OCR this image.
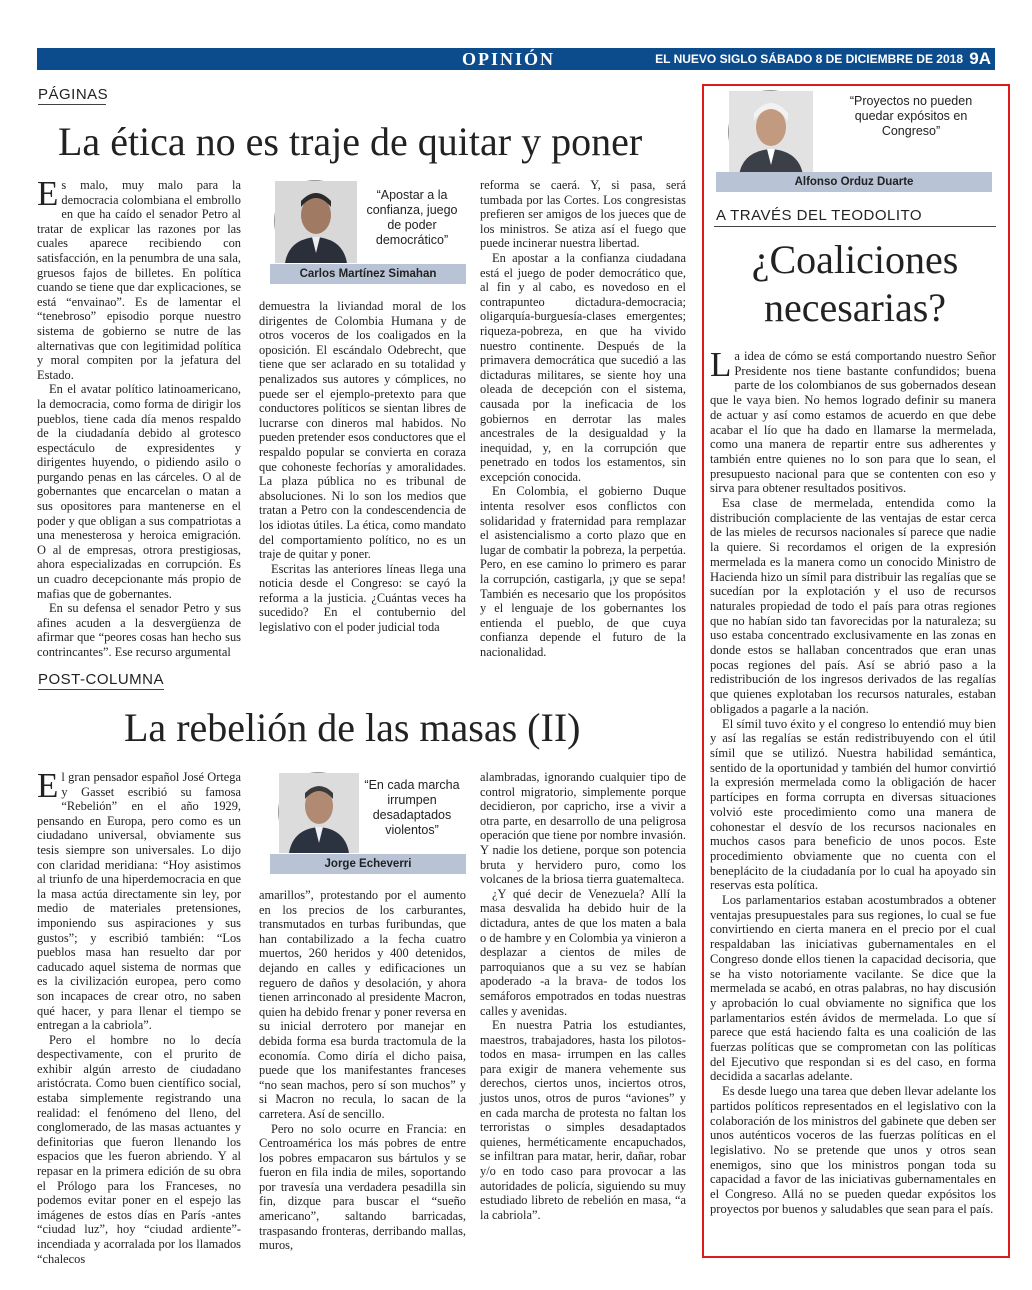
OPINIÓN	EL NUEVO SIGLO SÁBADO 8 DE DICIEMBRE DE 2018 9A
PÁGINAS
La ética no es traje de quitar y poner

Es malo, muy malo para la democracia colombiana el embrollo en que ha caído el senador Petro al tratar de explicar las razones por las cuales aparece recibiendo con satisfacción, en la penumbra de una sala, gruesos fajos de billetes. En política cuando se tiene que dar explicaciones, se está “envainao”. Es de lamentar el “tenebroso” episodio porque nuestro sistema de gobierno se nutre de las alternativas que con legitimidad política y moral compiten por la jefatura del Estado.

En el avatar político latinoamericano, la democracia, como forma de dirigir los pueblos, tiene cada día menos respaldo de la ciudadanía debido al grotesco espectáculo de expresidentes y dirigentes huyendo, o pidiendo asilo o purgando penas en las cárceles. O al de gobernantes que encarcelan o matan a sus opositores para mantenerse en el poder y que obligan a sus compatriotas a una menesterosa y heroica emigración. O al de empresas, otrora prestigiosas, ahora especializadas en corrupción. Es un cuadro decepcionante más propio de mafias que de gobernantes.

En su defensa el senador Petro y sus afines acuden a la desvergüenza de afirmar que “peores cosas han hecho sus contrincantes”. Ese recurso argumental

“Apostar a la confianza, juego de poder democrático”
Carlos Martínez Simahan

demuestra la liviandad moral de los dirigentes de Colombia Humana y de otros voceros de los coaligados en la oposición. El escándalo Odebrecht, que tiene que ser aclarado en su totalidad y penalizados sus autores y cómplices, no puede ser el ejemplo-pretexto para que conductores políticos se sientan libres de lucrarse con dineros mal habidos. No pueden pretender esos conductores que el respaldo popular se convierta en coraza que cohoneste fechorías y amoralidades. La plaza pública no es tribunal de absoluciones. Ni lo son los medios que tratan a Petro con la condescendencia de los idiotas útiles. La ética, como mandato del comportamiento político, no es un traje de quitar y poner.

Escritas las anteriores líneas llega una noticia desde el Congreso: se cayó la reforma a la justicia. ¿Cuántas veces ha sucedido? En el contubernio del legislativo con el poder judicial toda

reforma se caerá. Y, si pasa, será tumbada por las Cortes. Los congresistas prefieren ser amigos de los jueces que de los ministros. Se atiza así el fuego que puede incinerar nuestra libertad.

En apostar a la confianza ciudadana está el juego de poder democrático que, al fin y al cabo, es novedoso en el contrapunteo dictadura-democracia; oligarquía-burguesía-clases emergentes; riqueza-pobreza, en que ha vivido nuestro continente. Después de la primavera democrática que sucedió a las dictaduras militares, se siente hoy una oleada de decepción con el sistema, causada por la ineficacia de los gobiernos en derrotar las males ancestrales de la desigualdad y la inequidad, y, en la corrupción que penetrado en todos los estamentos, sin excepción conocida.

En Colombia, el gobierno Duque intenta resolver esos conflictos con solidaridad y fraternidad para remplazar el asistencialismo a corto plazo que en lugar de combatir la pobreza, la perpetúa. Pero, en ese camino lo primero es parar la corrupción, castigarla, ¡y que se sepa! También es necesario que los propósitos y el lenguaje de los gobernantes los entienda el pueblo, de que cuya confianza depende el futuro de la nacionalidad.

POST-COLUMNA
La rebelión de las masas (II)

El gran pensador español José Ortega y Gasset escribió su famosa “Rebelión” en el año 1929, pensando en Europa, pero como es un ciudadano universal, obviamente sus tesis siempre son universales. Lo dijo con claridad meridiana: “Hoy asistimos al triunfo de una hiperdemocracia en que la masa actúa directamente sin ley, por medio de materiales pretensiones, imponiendo sus aspiraciones y sus gustos”; y escribió también: “Los pueblos masa han resuelto dar por caducado aquel sistema de normas que es la civilización europea, pero como son incapaces de crear otro, no saben qué hacer, y para llenar el tiempo se entregan a la cabriola”.

Pero el hombre no lo decía despectivamente, con el prurito de exhibir algún arresto de ciudadano aristócrata. Como buen científico social, estaba simplemente registrando una realidad: el fenómeno del lleno, del conglomerado, de las masas actuantes y definitorias que fueron llenando los espacios que les fueron abriendo. Y al repasar en la primera edición de su obra el Prólogo para los Franceses, no podemos evitar poner en el espejo las imágenes de estos días en París -antes “ciudad luz”, hoy “ciudad ardiente”- incendiada y acorralada por los llamados “chalecos

“En cada marcha irrumpen desadaptados violentos”
Jorge Echeverri

amarillos”, protestando por el aumento en los precios de los carburantes, transmutados en turbas furibundas, que han contabilizado a la fecha cuatro muertos, 260 heridos y 400 detenidos, dejando en calles y edificaciones un reguero de daños y desolación, y ahora tienen arrinconado al presidente Macron, quien ha debido frenar y poner reversa en su inicial derrotero por manejar en debida forma esa burda tractomula de la economía. Como diría el dicho paisa, puede que los manifestantes franceses “no sean machos, pero sí son muchos” y si Macron no recula, lo sacan de la carretera. Así de sencillo.

Pero no solo ocurre en Francia: en Centroamérica los más pobres de entre los pobres empacaron sus bártulos y se fueron en fila india de miles, soportando por travesía una verdadera pesadilla sin fin, dizque para buscar el “sueño americano”, saltando barricadas, traspasando fronteras, derribando mallas, muros,

alambradas, ignorando cualquier tipo de control migratorio, simplemente porque decidieron, por capricho, irse a vivir a otra parte, en desarrollo de una peligrosa operación que tiene por nombre invasión. Y nadie los detiene, porque son potencia bruta y hervidero puro, como los volcanes de la briosa tierra guatemalteca.

¿Y qué decir de Venezuela? Allí la masa desvalida ha debido huir de la dictadura, antes de que los maten a bala o de hambre y en Colombia ya vinieron a desplazar a cientos de miles de parroquianos que a su vez se habían apoderado -a la brava- de todos los semáforos empotrados en todas nuestras calles y avenidas.

En nuestra Patria los estudiantes, maestros, trabajadores, hasta los pilotos- todos en masa- irrumpen en las calles para exigir de manera vehemente sus derechos, ciertos unos, inciertos otros, justos unos, otros de puros “aviones” y en cada marcha de protesta no faltan los terroristas o simples desadaptados quienes, herméticamente encapuchados, se infiltran para matar, herir, dañar, robar y/o en todo caso para provocar a las autoridades de policía, siguiendo su muy estudiado libreto de rebelión en masa, “a la cabriola”.

“Proyectos no pueden quedar expósitos en Congreso”
Alfonso Orduz Duarte
A TRAVÉS DEL TEODOLITO
¿Coaliciones
necesarias?

La idea de cómo se está comportando nuestro Señor Presidente nos tiene bastante confundidos; buena parte de los colombianos de sus gobernados desean que le vaya bien. No hemos logrado definir su manera de actuar y así como estamos de acuerdo en que debe acabar el lío que ha dado en llamarse la mermelada, como una manera de repartir entre sus adherentes y también entre quienes no lo son para que lo sean, el presupuesto nacional para que se contenten con eso y sirva para obtener resultados positivos.

Esa clase de mermelada, entendida como la distribución complaciente de las ventajas de estar cerca de las mieles de recursos nacionales sí parece que nadie la quiere. Si recordamos el origen de la expresión mermelada es la manera como un conocido Ministro de Hacienda hizo un símil para distribuir las regalías que se sucedían por la explotación y el uso de recursos naturales propiedad de todo el país para otras regiones que no habían sido tan favorecidas por la naturaleza; su uso estaba concentrado exclusivamente en las zonas en donde estos se hallaban concentrados que eran unas pocas regiones del país. Así se abrió paso a la redistribución de los ingresos derivados de las regalías que quienes explotaban los recursos naturales, estaban obligados a pagarle a la nación.

El símil tuvo éxito y el congreso lo entendió muy bien y así las regalías se están redistribuyendo con el útil símil que se utilizó. Nuestra habilidad semántica, sentido de la oportunidad y también del humor convirtió la expresión mermelada como la obligación de hacer partícipes en forma corrupta en diversas situaciones volvió este procedimiento como una manera de cohonestar el desvío de los recursos nacionales en muchos casos para beneficio de unos pocos. Este procedimiento obviamente que no cuenta con el beneplácito de la ciudadanía por lo cual ha apoyado sin reservas esta política.

Los parlamentarios estaban acostumbrados a obtener ventajas presupuestales para sus regiones, lo cual se fue convirtiendo en cierta manera en el precio por el cual respaldaban las iniciativas gubernamentales en el Congreso donde ellos tienen la capacidad decisoria, que se ha visto notoriamente vacilante. Se dice que la mermelada se acabó, en otras palabras, no hay discusión y aprobación lo cual obviamente no significa que los parlamentarios estén ávidos de mermelada. Lo que sí parece que está haciendo falta es una coalición de las fuerzas políticas que se comprometan con las políticas del Ejecutivo que respondan si es del caso, en forma decidida a sacarlas adelante.

Es desde luego una tarea que deben llevar adelante los partidos políticos representados en el legislativo con la colaboración de los ministros del gabinete que deben ser unos auténticos voceros de las fuerzas políticas en el legislativo. No se pretende que unos y otros sean enemigos, sino que los ministros pongan toda su capacidad a favor de las iniciativas gubernamentales en el Congreso. Allá no se pueden quedar expósitos los proyectos por buenos y saludables que sean para el país.
